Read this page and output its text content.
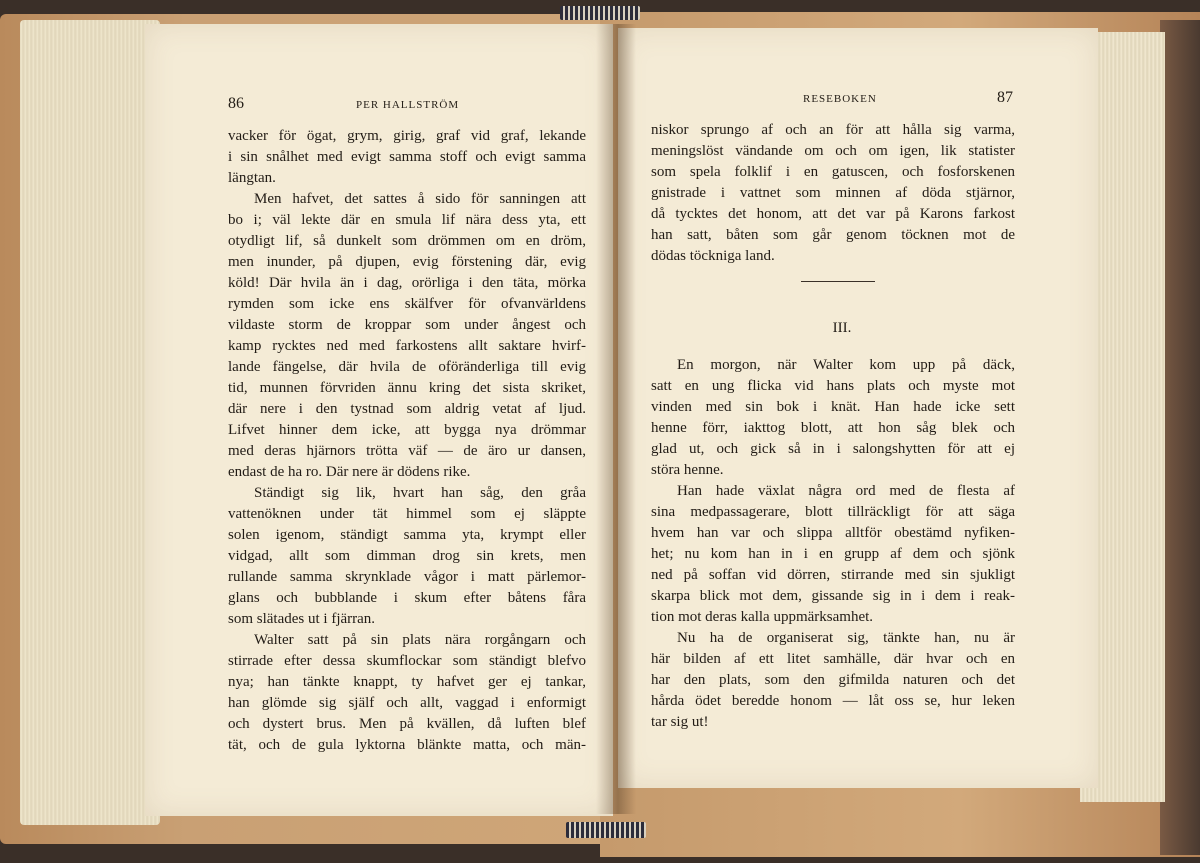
86	PER HALLSTRÖM	RESEBOKEN	87
vacker för ögat, grym, girig, graf vid graf, lekande
i sin snålhet med evigt samma stoff och evigt samma
längtan.
Men hafvet, det sattes å sido för sanningen att
bo i; väl lekte där en smula lif nära dess yta, ett
otydligt lif, så dunkelt som drömmen om en dröm,
men inunder, på djupen, evig förstening där, evig
köld! Där hvila än i dag, orörliga i den täta, mörka
rymden som icke ens skälfver för ofvanvärldens
vildaste storm de kroppar som under ångest och
kamp rycktes ned med farkostens allt saktare hvirf-
lande fängelse, där hvila de oföränderliga till evig
tid, munnen förvriden ännu kring det sista skriket,
där nere i den tystnad som aldrig vetat af ljud.
Lifvet hinner dem icke, att bygga nya drömmar
med deras hjärnors trötta väf — de äro ur dansen,
endast de ha ro. Där nere är dödens rike.
Ständigt sig lik, hvart han såg, den gråa
vattenöknen under tät himmel som ej släppte
solen igenom, ständigt samma yta, krympt eller
vidgad, allt som dimman drog sin krets, men
rullande samma skrynklade vågor i matt pärlemor-
glans och bubblande i skum efter båtens fåra
som slätades ut i fjärran.
Walter satt på sin plats nära rorgångarn och
stirrade efter dessa skumflockar som ständigt blefvo
nya; han tänkte knappt, ty hafvet ger ej tankar,
han glömde sig själf och allt, vaggad i enformigt
och dystert brus. Men på kvällen, då luften blef
tät, och de gula lyktorna blänkte matta, och män-
niskor sprungo af och an för att hålla sig varma,
meningslöst vändande om och om igen, lik statister
som spela folklif i en gatuscen, och fosforskenen
gnistrade i vattnet som minnen af döda stjärnor,
då tycktes det honom, att det var på Karons farkost
han satt, båten som går genom töcknen mot de
dödas töckniga land.
III.
En morgon, när Walter kom upp på däck,
satt en ung flicka vid hans plats och myste mot
vinden med sin bok i knät. Han hade icke sett
henne förr, iakttog blott, att hon såg blek och
glad ut, och gick så in i salongshytten för att ej
störa henne.
Han hade växlat några ord med de flesta af
sina medpassagerare, blott tillräckligt för att säga
hvem han var och slippa alltför obestämd nyfiken-
het; nu kom han in i en grupp af dem och sjönk
ned på soffan vid dörren, stirrande med sin sjukligt
skarpa blick mot dem, gissande sig in i dem i reak-
tion mot deras kalla uppmärksamhet.
Nu ha de organiserat sig, tänkte han, nu är
här bilden af ett litet samhälle, där hvar och en
har den plats, som den gifmilda naturen och det
hårda ödet beredde honom — låt oss se, hur leken
tar sig ut!
